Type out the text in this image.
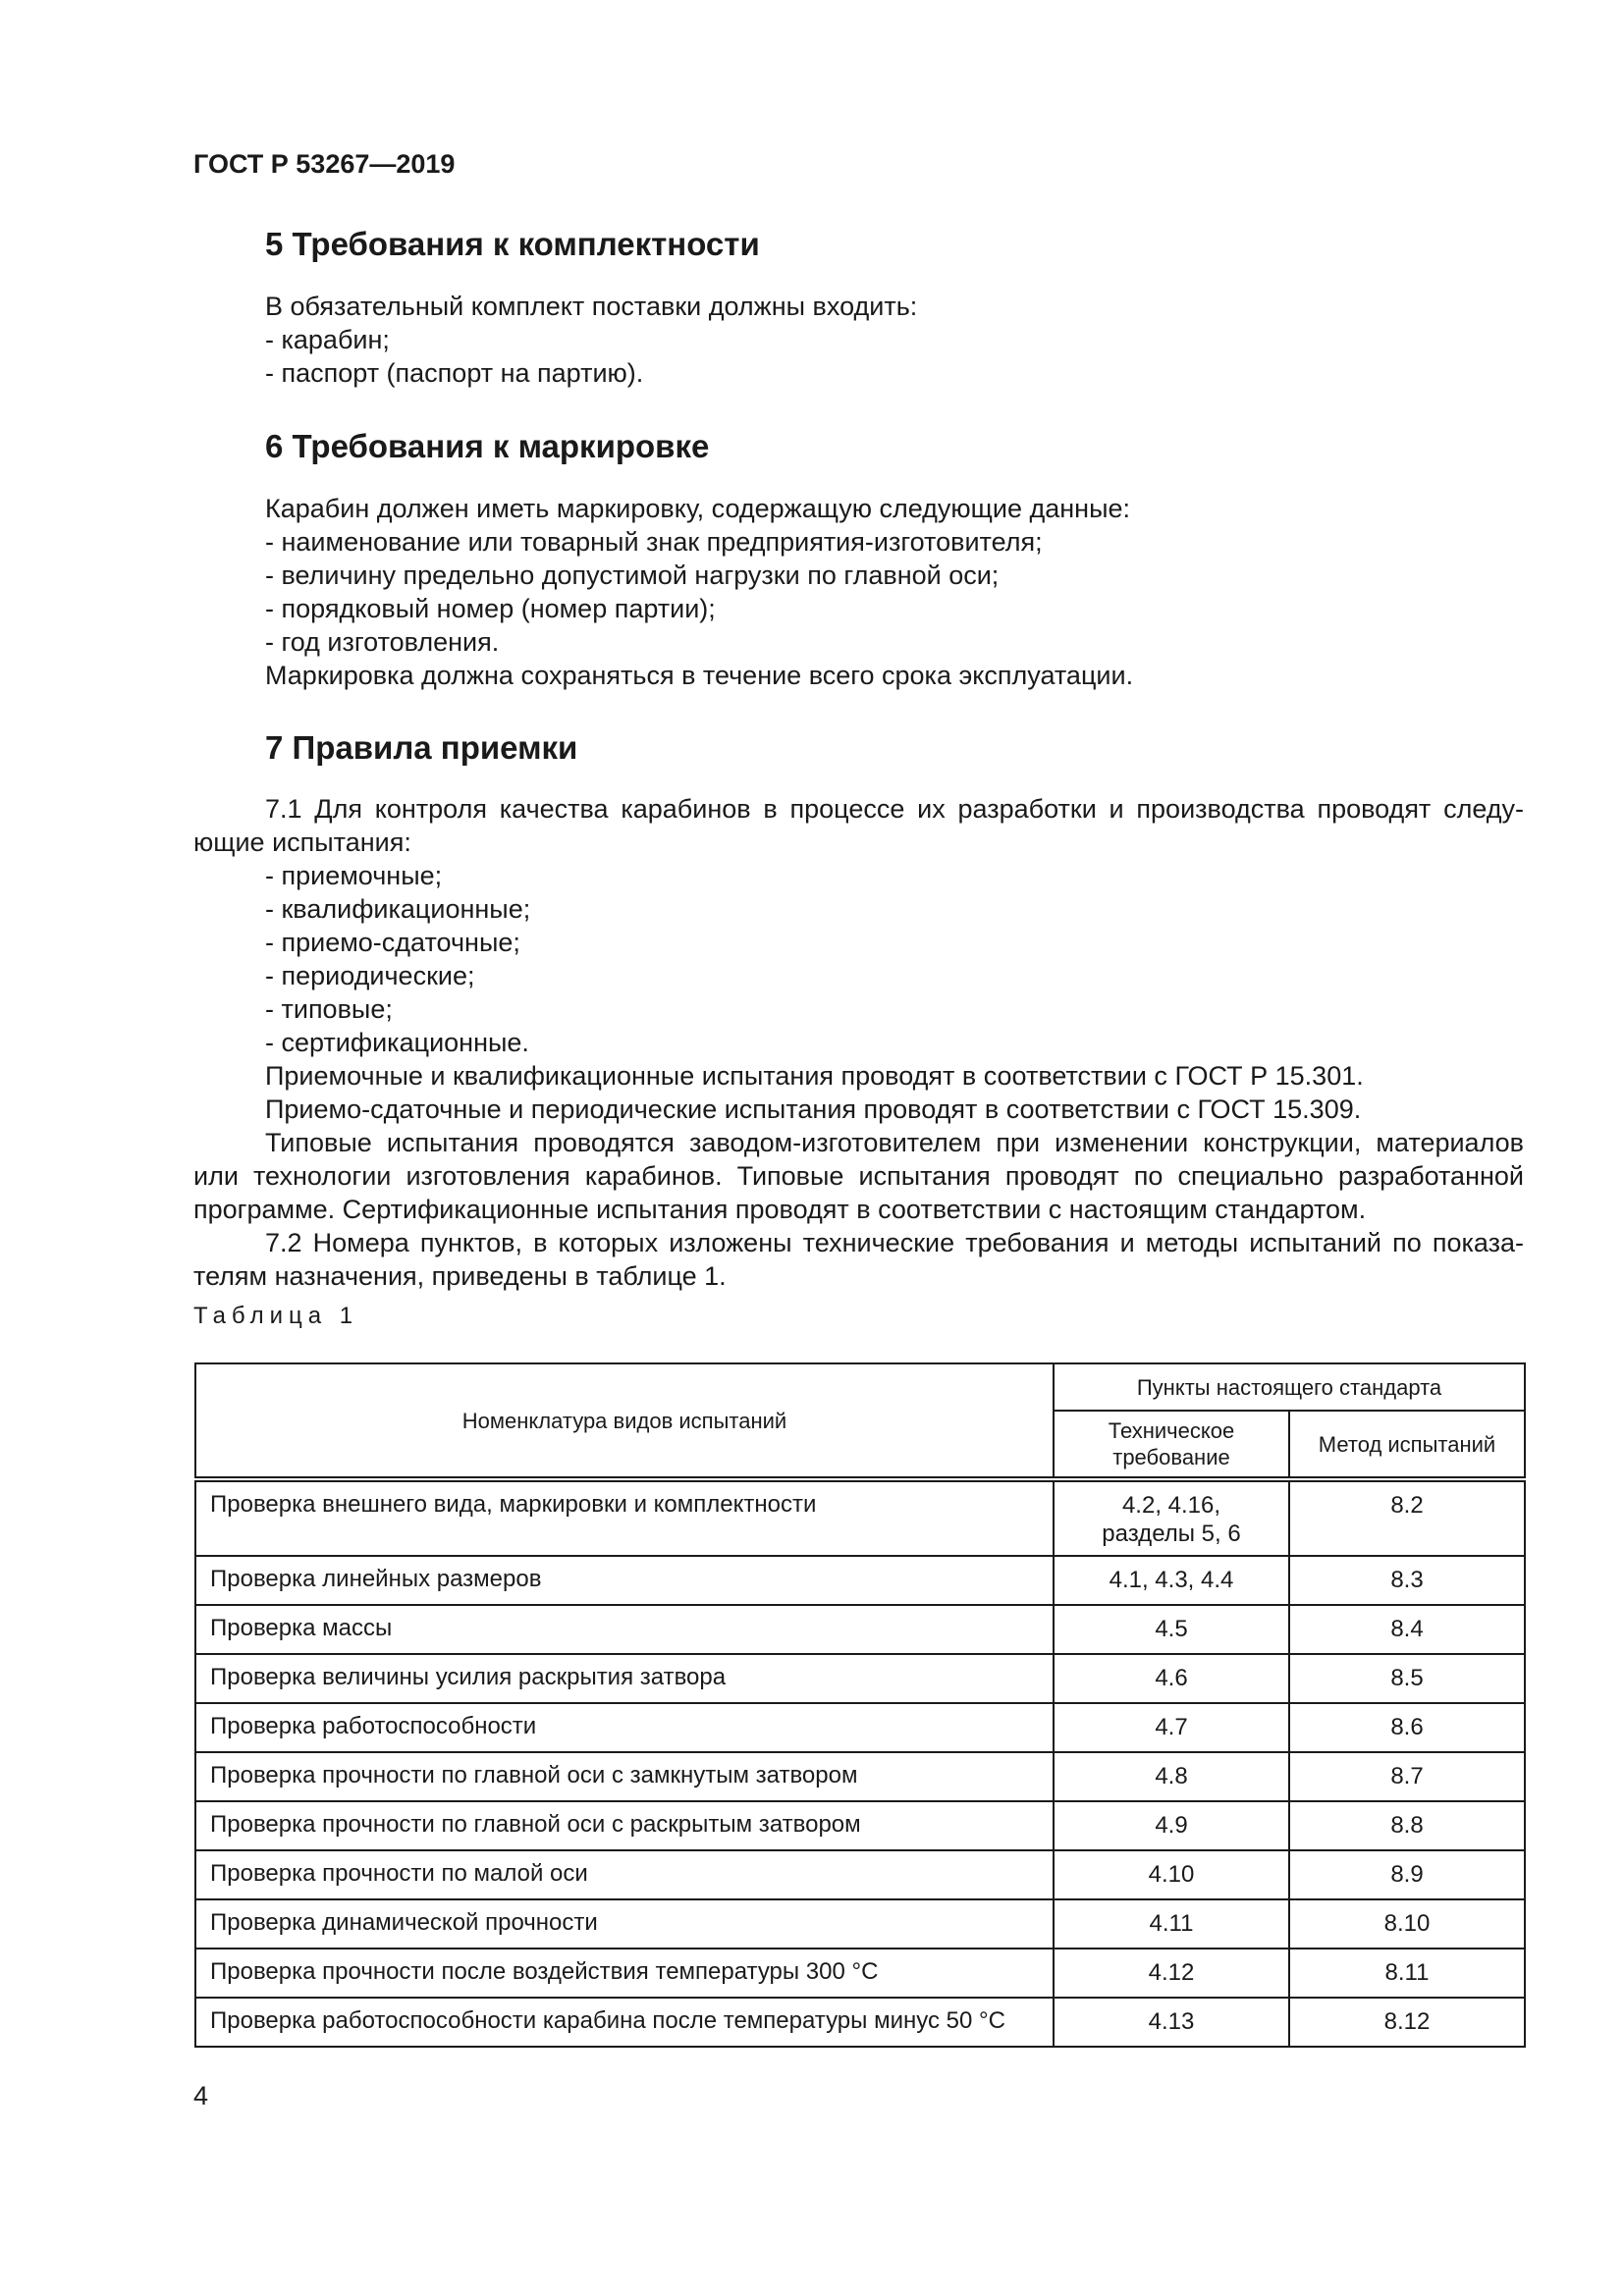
ГОСТ Р 53267—2019
5 Требования к комплектности
В обязательный комплект поставки должны входить:
- карабин;
- паспорт (паспорт на партию).
6 Требования к маркировке
Карабин должен иметь маркировку, содержащую следующие данные:
- наименование или товарный знак предприятия-изготовителя;
- величину предельно допустимой нагрузки по главной оси;
- порядковый номер (номер партии);
- год изготовления.
Маркировка должна сохраняться в течение всего срока эксплуатации.
7 Правила приемки
7.1 Для контроля качества карабинов в процессе их разработки и производства проводят следу-
ющие испытания:
- приемочные;
- квалификационные;
- приемо-сдаточные;
- периодические;
- типовые;
- сертификационные.
Приемочные и квалификационные испытания проводят в соответствии с ГОСТ Р 15.301.
Приемо-сдаточные и периодические испытания проводят в соответствии с ГОСТ 15.309.
Типовые испытания проводятся заводом-изготовителем при изменении конструкции, материалов
или технологии изготовления карабинов. Типовые испытания проводят по специально разработанной
программе. Сертификационные испытания проводят в соответствии с настоящим стандартом.
7.2 Номера пунктов, в которых изложены технические требования и методы испытаний по показа-
телям назначения, приведены в таблице 1.
Таблица 1
Номенклатура видов испытаний	Пункты настоящего стандарта	

	Техническое
требование	Метод испытаний
Проверка внешнего вида, маркировки и комплектности	4.2, 4.16,
разделы 5, 6	8.2
Проверка линейных размеров	4.1, 4.3, 4.4	8.3
Проверка массы	4.5	8.4
Проверка величины усилия раскрытия затвора	4.6	8.5
Проверка работоспособности	4.7	8.6
Проверка прочности по главной оси с замкнутым затвором	4.8	8.7
Проверка прочности по главной оси с раскрытым затвором	4.9	8.8
Проверка прочности по малой оси	4.10	8.9
Проверка динамической прочности	4.11	8.10
Проверка прочности после воздействия температуры 300 °С	4.12	8.11
Проверка работоспособности карабина после температуры минус 50 °С	4.13	8.12
4
